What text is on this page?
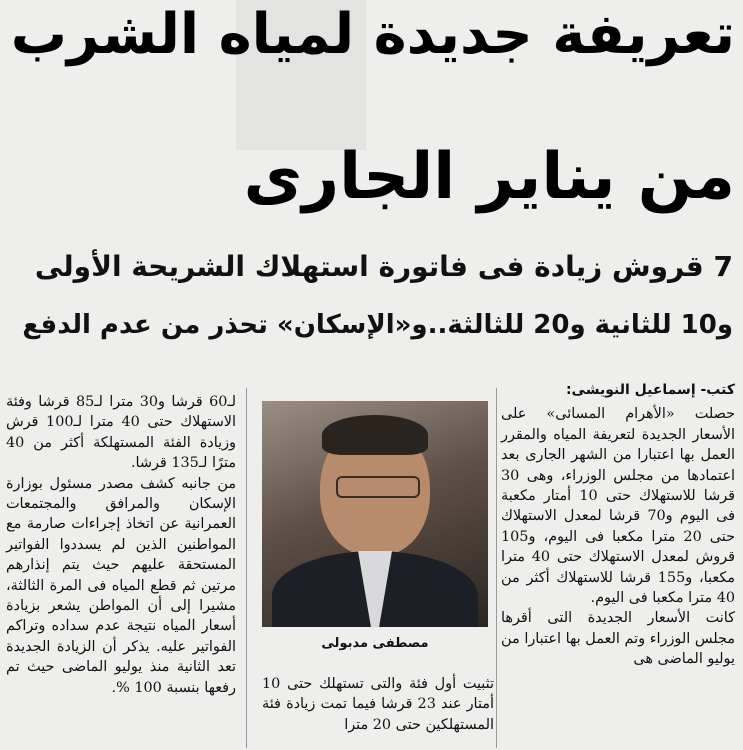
تعريفة جديدة لمياه الشرب
من يناير الجارى
7 قروش زيادة فى فاتورة استهلاك الشريحة الأولى
و10 للثانية و20 للثالثة..و«الإسكان» تحذر من عدم الدفع
كتب- إسماعيل النويشى:

حصلت «الأهرام المسائى» على الأسعار الجديدة لتعريفة المياه والمقرر العمل بها اعتبارا من الشهر الجارى بعد اعتمادها من مجلس الوزراء، وهى 30 قرشا للاستهلاك حتى 10 أمتار مكعبة فى اليوم و70 قرشا لمعدل الاستهلاك حتى 20 مترا مكعبا فى اليوم، و105 قروش لمعدل الاستهلاك حتى 40 مترا مكعبا، و155 قرشا للاستهلاك أكثر من 40 مترا مكعبا فى اليوم.

كانت الأسعار الجديدة التى أقرها مجلس الوزراء وتم العمل بها اعتبارا من يوليو الماضى هى

مصطفى مدبولى

تثبيت أول فئة والتى تستهلك حتى 10 أمتار عند 23 قرشا فيما تمت زيادة فئة المستهلكين حتى 20 مترا

لـ60 قرشا و30 مترا لـ85 قرشا وفئة الاستهلاك حتى 40 مترا لـ100 قرش وزيادة الفئة المستهلكة أكثر من 40 مترًا لـ135 قرشا.

من جانبه كشف مصدر مسئول بوزارة الإسكان والمرافق والمجتمعات العمرانية عن اتخاذ إجراءات صارمة مع المواطنين الذين لم يسددوا الفواتير المستحقة عليهم حيث يتم إنذارهم مرتين ثم قطع المياه فى المرة الثالثة، مشيرا إلى أن المواطن يشعر بزيادة أسعار المياه نتيجة عدم سداده وتراكم الفواتير عليه. يذكر أن الزيادة الجديدة تعد الثانية منذ يوليو الماضى حيث تم رفعها بنسبة 100 %.
